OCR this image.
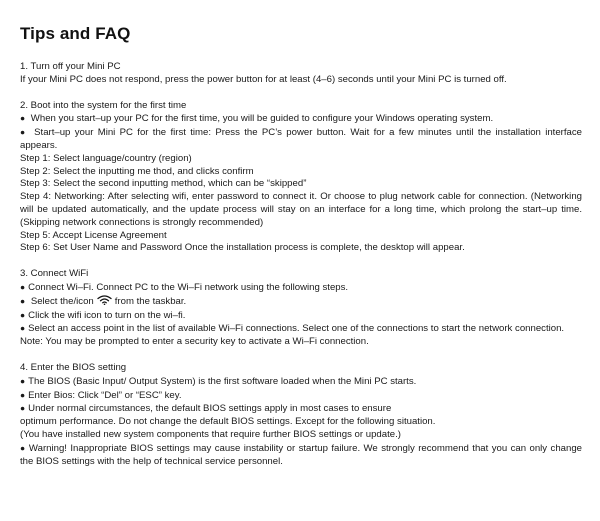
Tips and FAQ
1. Turn off your Mini PC
If your Mini PC does not respond, press the power button for at least (4–6) seconds until your Mini PC is turned off.
2. Boot into the system for the first time
● When you start–up your PC for the first time, you will be guided to configure your Windows operating system.
● Start–up your Mini PC for the first time: Press the PC’s power button. Wait for a few minutes until the installation interface appears.
Step 1: Select language/country (region)
Step 2: Select the inputting me thod, and clicks confirm
Step 3: Select the second inputting method, which can be “skipped”
Step 4: Networking: After selecting wifi, enter password to connect it. Or choose to plug network cable for connection. (Networking will be updated automatically, and the update process will stay on an interface for a long time, which prolong the start–up time. (Skipping network connections is strongly recommended)
Step 5: Accept License Agreement
Step 6: Set User Name and Password Once the installation process is complete, the desktop will appear.
3. Connect WiFi
● Connect Wi–Fi. Connect PC to the Wi–Fi network using the following steps.
● Select the/icon from the taskbar.
● Click the wifi icon to turn on the wi–fi.
● Select an access point in the list of available Wi–Fi connections. Select one of the connections to start the network connection.
Note: You may be prompted to enter a security key to activate a Wi–Fi connection.
4. Enter the BIOS setting
● The BIOS (Basic Input/ Output System) is the first software loaded when the Mini PC starts.
● Enter Bios: Click “Del” or “ESC” key.
● Under normal circumstances, the default BIOS settings apply in most cases to ensure
optimum performance. Do not change the default BIOS settings. Except for the following situation.
(You have installed new system components that require further BIOS settings or update.)
● Warning! Inappropriate BIOS settings may cause instability or startup failure. We strongly recommend that you can only change the BIOS settings with the help of technical service personnel.
